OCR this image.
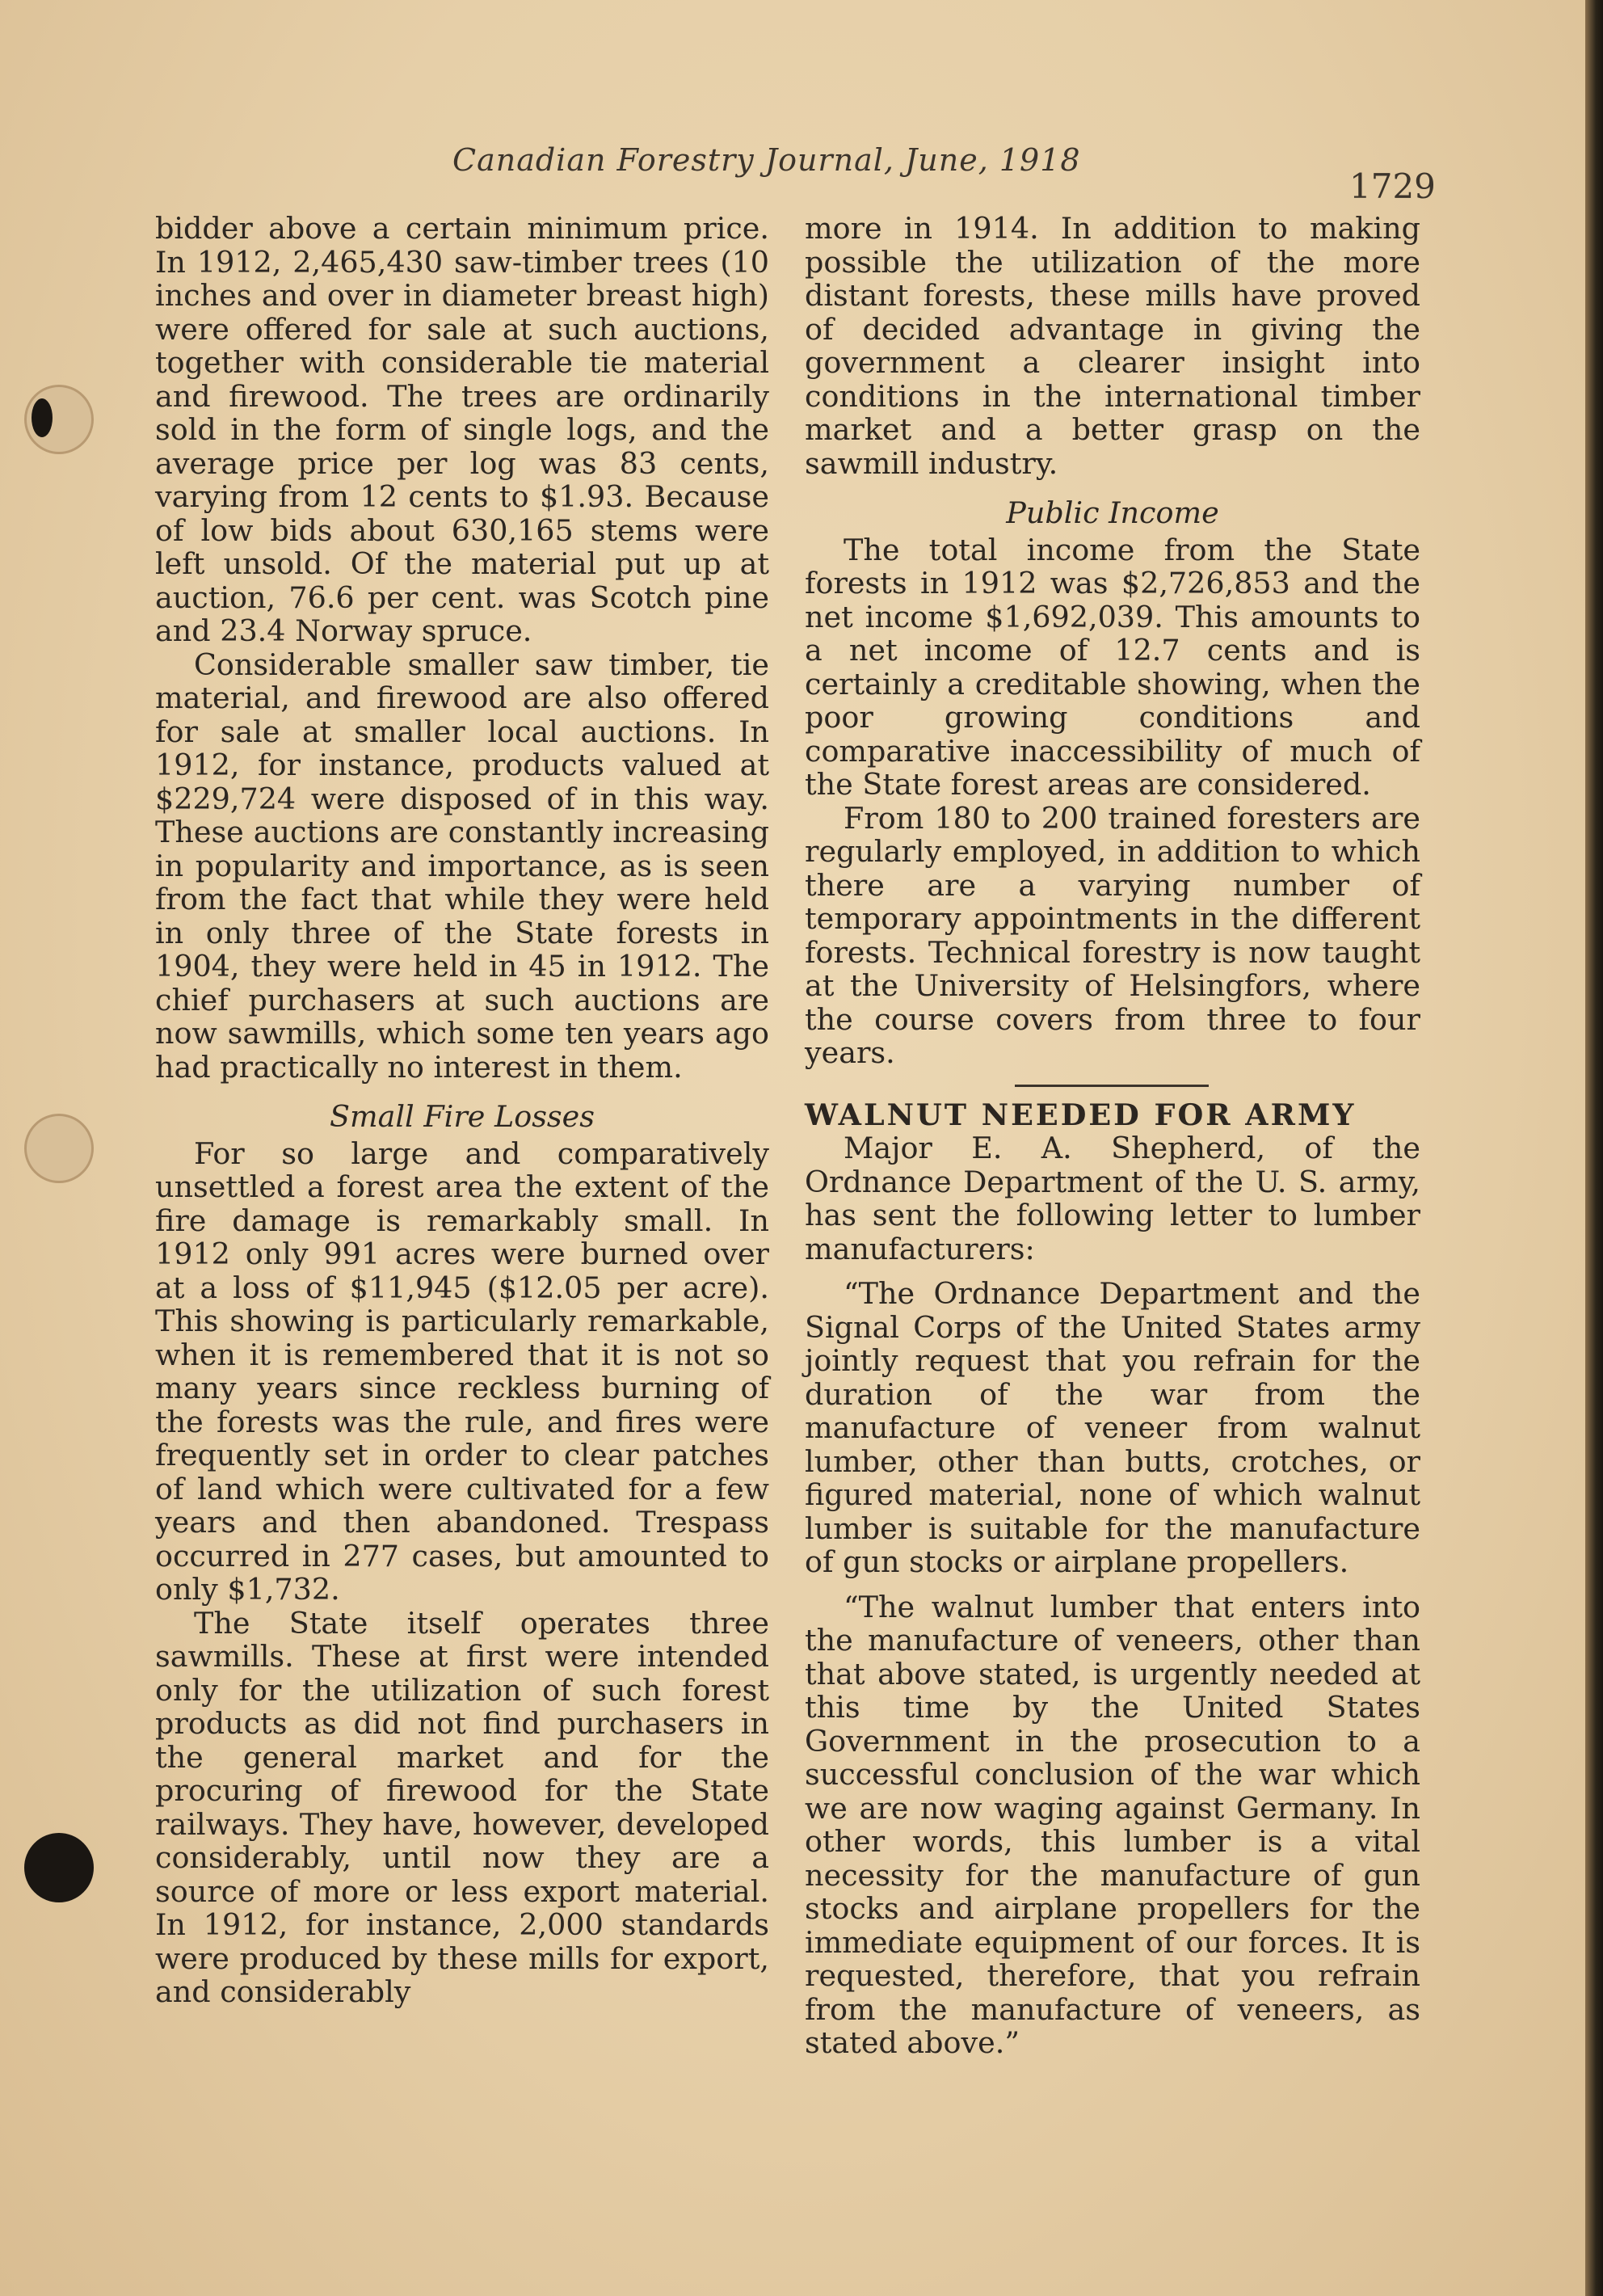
Canadian Forestry Journal, June, 1918
1729

bidder above a certain minimum price. In 1912, 2,465,430 saw-timber trees (10 inches and over in diameter breast high) were offered for sale at such auctions, together with considerable tie material and firewood. The trees are ordinarily sold in the form of single logs, and the average price per log was 83 cents, varying from 12 cents to $1.93. Because of low bids about 630,165 stems were left unsold. Of the material put up at auction, 76.6 per cent. was Scotch pine and 23.4 Norway spruce.

Considerable smaller saw timber, tie material, and firewood are also offered for sale at smaller local auctions. In 1912, for instance, products valued at $229,724 were disposed of in this way. These auctions are constantly increasing in popularity and importance, as is seen from the fact that while they were held in only three of the State forests in 1904, they were held in 45 in 1912. The chief purchasers at such auctions are now sawmills, which some ten years ago had practically no interest in them.

Small Fire Losses

For so large and comparatively unsettled a forest area the extent of the fire damage is remarkably small. In 1912 only 991 acres were burned over at a loss of $11,945 ($12.05 per acre). This showing is particularly remarkable, when it is remembered that it is not so many years since reckless burning of the forests was the rule, and fires were frequently set in order to clear patches of land which were cultivated for a few years and then abandoned. Trespass occurred in 277 cases, but amounted to only $1,732.

The State itself operates three sawmills. These at first were intended only for the utilization of such forest products as did not find purchasers in the general market and for the procuring of firewood for the State railways. They have, however, developed considerably, until now they are a source of more or less export material. In 1912, for instance, 2,000 standards were produced by these mills for export, and considerably

more in 1914. In addition to making possible the utilization of the more distant forests, these mills have proved of decided advantage in giving the government a clearer insight into conditions in the international timber market and a better grasp on the sawmill industry.

Public Income

The total income from the State forests in 1912 was $2,726,853 and the net income $1,692,039. This amounts to a net income of 12.7 cents and is certainly a creditable showing, when the poor growing conditions and comparative inaccessibility of much of the State forest areas are considered.

From 180 to 200 trained foresters are regularly employed, in addition to which there are a varying number of temporary appointments in the different forests. Technical forestry is now taught at the University of Helsingfors, where the course covers from three to four years.

WALNUT NEEDED FOR ARMY

Major E. A. Shepherd, of the Ordnance Department of the U. S. army, has sent the following letter to lumber manufacturers:

“The Ordnance Department and the Signal Corps of the United States army jointly request that you refrain for the duration of the war from the manufacture of veneer from walnut lumber, other than butts, crotches, or figured material, none of which walnut lumber is suitable for the manufacture of gun stocks or airplane propellers.

“The walnut lumber that enters into the manufacture of veneers, other than that above stated, is urgently needed at this time by the United States Government in the prosecution to a successful conclusion of the war which we are now waging against Germany. In other words, this lumber is a vital necessity for the manufacture of gun stocks and airplane propellers for the immediate equipment of our forces. It is requested, therefore, that you refrain from the manufacture of veneers, as stated above.”
